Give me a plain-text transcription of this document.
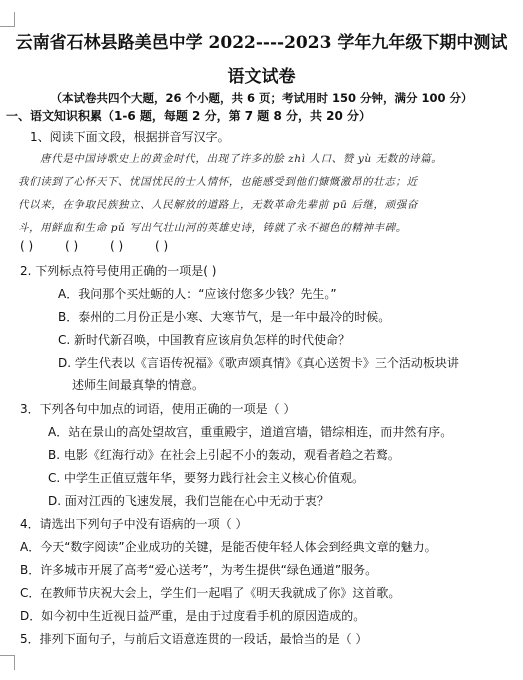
云南省石林县路美邑中学 2022----2023 学年九年级下期中测试
语文试卷
（本试卷共四个大题，26 个小题，共 6 页；考试用时 150 分钟，满分 100 分）
一、语文知识积累（1-6 题，每题 2 分，第 7 题 8 分，共 20 分）
1、阅读下面文段，根据拼音写汉字。
唐代是中国诗歌史上的黄金时代，出现了许多的脍 zhì 人口、赞 yù 无数的诗篇。
我们读到了心怀天下、忧国忧民的士人情怀，也能感受到他们慷慨激昂的壮志；近
代以来，在争取民族独立、人民解放的道路上，无数革命先辈前 pū 后继，顽强奋
斗，用鲜血和生命 pǔ 写出气壮山河的英雄史诗，铸就了永不褪色的精神丰碑。
( )	( )	( )	( )
2. 下列标点符号使用正确的一项是( )
A．我问那个买灶蛎的人：“应该付您多少钱？先生。”
B．泰州的二月份正是小寒、大寒节气，是一年中最冷的时候。
C. 新时代新召唤，中国教育应该肩负怎样的时代使命？
D. 学生代表以《言语传祝福》《歌声颂真情》《真心送贺卡》三个活动板块讲
述师生间最真挚的情意。
3．下列各句中加点的词语，使用正确的一项是（ ）
A．站在景山的高处望故宫，重重殿宇，道道宫墙，错综相连，而井然有序。
B. 电影《红海行动》在社会上引起不小的轰动，观看者趋之若鹜。
C. 中学生正值豆蔻年华，要努力践行社会主义核心价值观。
D. 面对江西的飞速发展，我们岂能在心中无动于衷？
4．请选出下列句子中没有语病的一项（ ）
A．今天“数字阅读”企业成功的关键，是能否使年轻人体会到经典文章的魅力。
B．许多城市开展了高考“爱心送考”，为考生提供“绿色通道”服务。
C．在教师节庆祝大会上，学生们一起唱了《明天我就成了你》这首歌。
D．如今初中生近视日益严重，是由于过度看手机的原因造成的。
5．排列下面句子，与前后文语意连贯的一段话，最恰当的是（ ）
